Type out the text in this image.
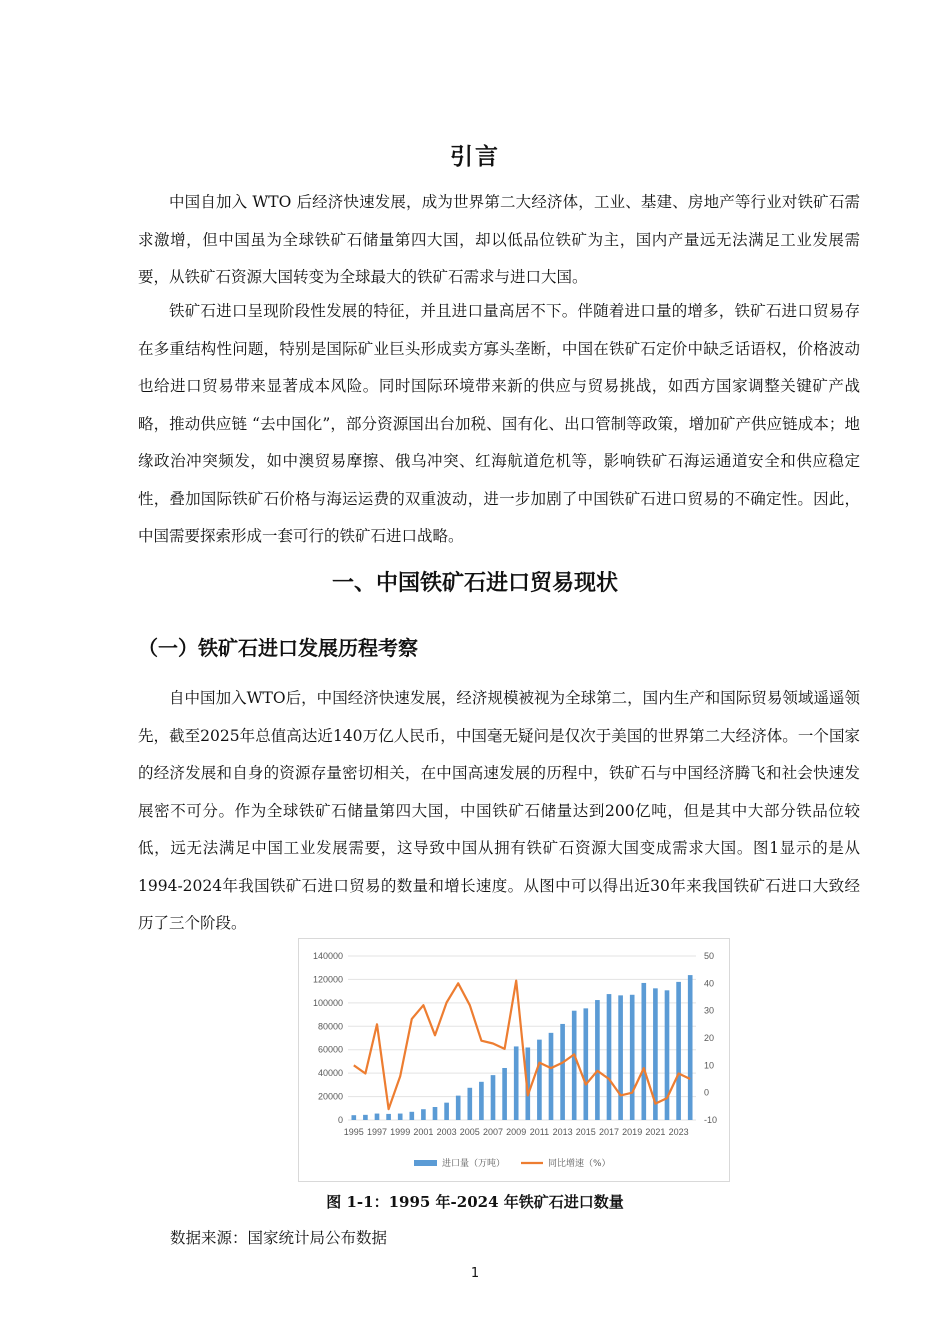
引言

中国自加入 WTO 后经济快速发展，成为世界第二大经济体，工业、基建、房地产等行业对铁矿石需求激增，但中国虽为全球铁矿石储量第四大国，却以低品位铁矿为主，国内产量远无法满足工业发展需要，从铁矿石资源大国转变为全球最大的铁矿石需求与进口大国。

铁矿石进口呈现阶段性发展的特征，并且进口量高居不下。伴随着进口量的增多，铁矿石进口贸易存在多重结构性问题，特别是国际矿业巨头形成卖方寡头垄断，中国在铁矿石定价中缺乏话语权，价格波动也给进口贸易带来显著成本风险。同时国际环境带来新的供应与贸易挑战，如西方国家调整关键矿产战略，推动供应链 “去中国化”，部分资源国出台加税、国有化、出口管制等政策，增加矿产供应链成本；地缘政治冲突频发，如中澳贸易摩擦、俄乌冲突、红海航道危机等，影响铁矿石海运通道安全和供应稳定性，叠加国际铁矿石价格与海运运费的双重波动，进一步加剧了中国铁矿石进口贸易的不确定性。因此，中国需要探索形成一套可行的铁矿石进口战略。

一、中国铁矿石进口贸易现状
（一）铁矿石进口发展历程考察

自中国加入WTO后，中国经济快速发展，经济规模被视为全球第二，国内生产和国际贸易领域遥遥领先，截至2025年总值高达近140万亿人民币，中国毫无疑问是仅次于美国的世界第二大经济体。一个国家的经济发展和自身的资源存量密切相关，在中国高速发展的历程中，铁矿石与中国经济腾飞和社会快速发展密不可分。作为全球铁矿石储量第四大国，中国铁矿石储量达到200亿吨，但是其中大部分铁品位较低，远无法满足中国工业发展需要，这导致中国从拥有铁矿石资源大国变成需求大国。图1显示的是从1994-2024年我国铁矿石进口贸易的数量和增长速度。从图中可以得出近30年来我国铁矿石进口大致经历了三个阶段。

0
20000
40000
60000
80000
100000
120000
140000
-10
0
10
20
30
40
50
1995 1997 1999 2001 2003 2005 2007 2009 2011 2013 2015 2017 2019 2021 2023
进口量（万吨）	同比增速（%）
图 1-1：1995 年-2024 年铁矿石进口数量
数据来源：国家统计局公布数据
1
